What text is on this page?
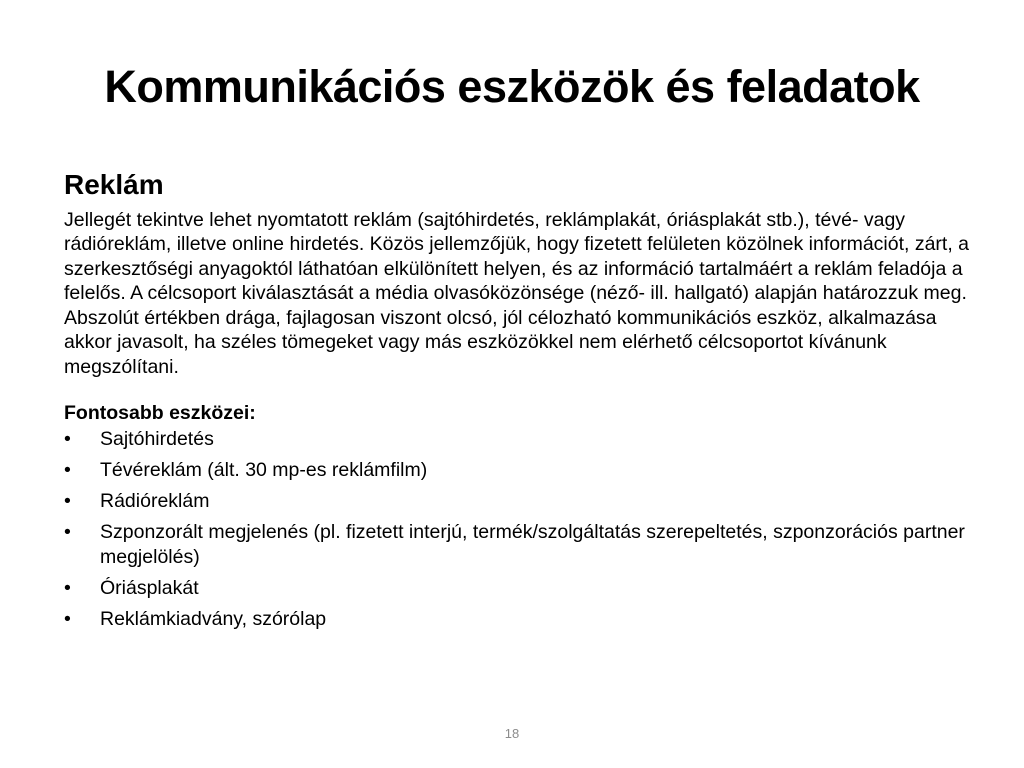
Kommunikációs eszközök és feladatok
Reklám

Jellegét tekintve lehet nyomtatott reklám (sajtóhirdetés, reklámplakát, óriásplakát stb.), tévé- vagy rádióreklám, illetve online hirdetés. Közös jellemzőjük, hogy fizetett felületen közölnek információt, zárt, a szerkesztőségi anyagoktól láthatóan elkülönített helyen, és az információ tartalmáért a reklám feladója a felelős. A célcsoport kiválasztását a média olvasóközönsége (néző- ill. hallgató) alapján határozzuk meg. Abszolút értékben drága, fajlagosan viszont olcsó, jól célozható kommunikációs eszköz, alkalmazása akkor javasolt, ha széles tömegeket vagy más eszközökkel nem elérhető célcsoportot kívánunk megszólítani.

Fontosabb eszközei:
• Sajtóhirdetés
• Tévéreklám (ált. 30 mp-es reklámfilm)
• Rádióreklám
• Szponzorált megjelenés (pl. fizetett interjú, termék/szolgáltatás szerepeltetés, szponzorációs partner megjelölés)
• Óriásplakát
• Reklámkiadvány, szórólap
18
